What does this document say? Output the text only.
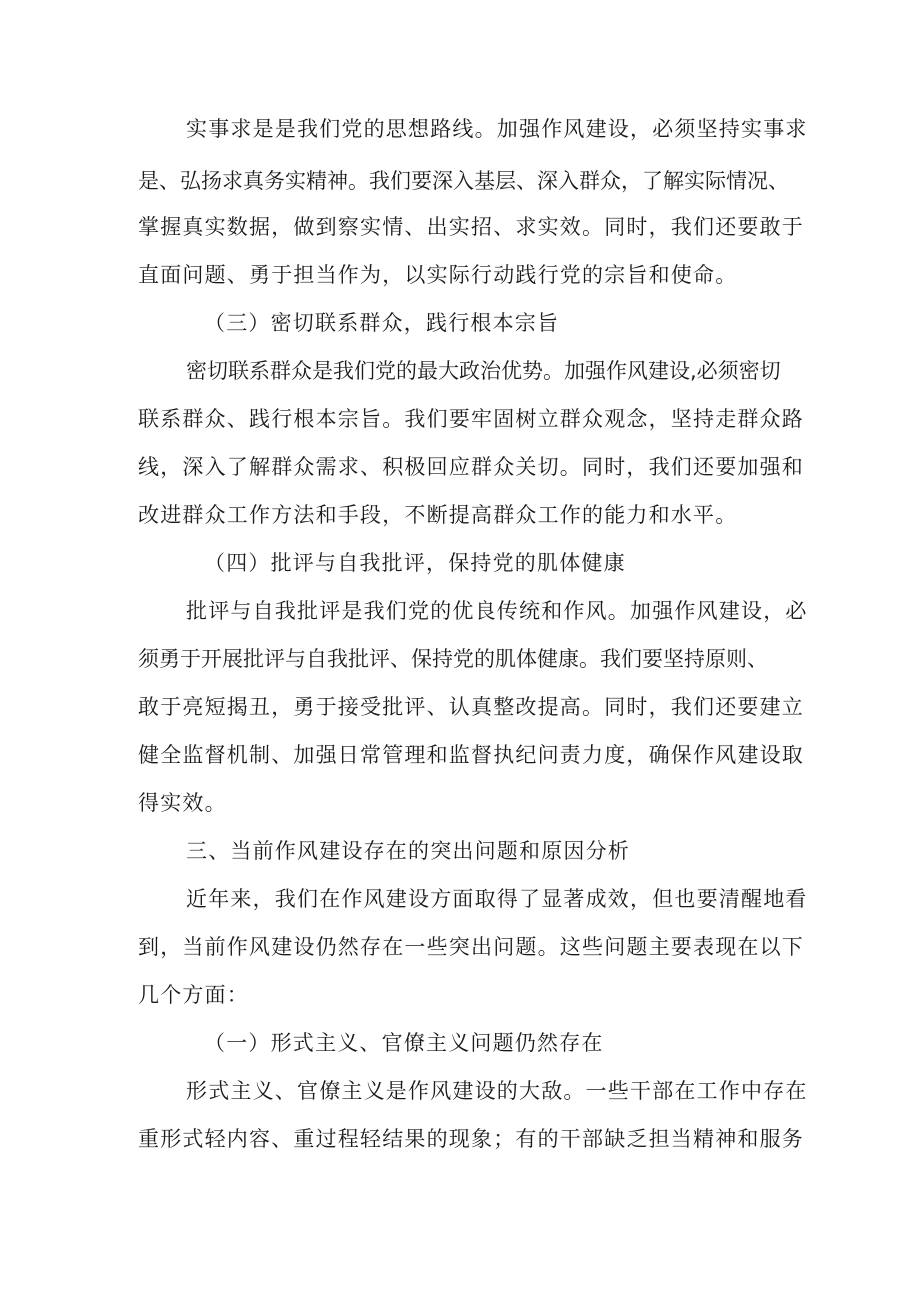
实事求是是我们党的思想路线。加强作风建设，必须坚持实事求
是、弘扬求真务实精神。我们要深入基层、深入群众，了解实际情况、
掌握真实数据，做到察实情、出实招、求实效。同时，我们还要敢于
直面问题、勇于担当作为，以实际行动践行党的宗旨和使命。
（三）密切联系群众，践行根本宗旨
密切联系群众是我们党的最大政治优势。加强作风建设,必须密切
联系群众、践行根本宗旨。我们要牢固树立群众观念，坚持走群众路
线，深入了解群众需求、积极回应群众关切。同时，我们还要加强和
改进群众工作方法和手段，不断提高群众工作的能力和水平。
（四）批评与自我批评，保持党的肌体健康
批评与自我批评是我们党的优良传统和作风。加强作风建设，必
须勇于开展批评与自我批评、保持党的肌体健康。我们要坚持原则、
敢于亮短揭丑，勇于接受批评、认真整改提高。同时，我们还要建立
健全监督机制、加强日常管理和监督执纪问责力度，确保作风建设取
得实效。
三、当前作风建设存在的突出问题和原因分析
近年来，我们在作风建设方面取得了显著成效，但也要清醒地看
到，当前作风建设仍然存在一些突出问题。这些问题主要表现在以下
几个方面：
（一）形式主义、官僚主义问题仍然存在
形式主义、官僚主义是作风建设的大敌。一些干部在工作中存在
重形式轻内容、重过程轻结果的现象；有的干部缺乏担当精神和服务
